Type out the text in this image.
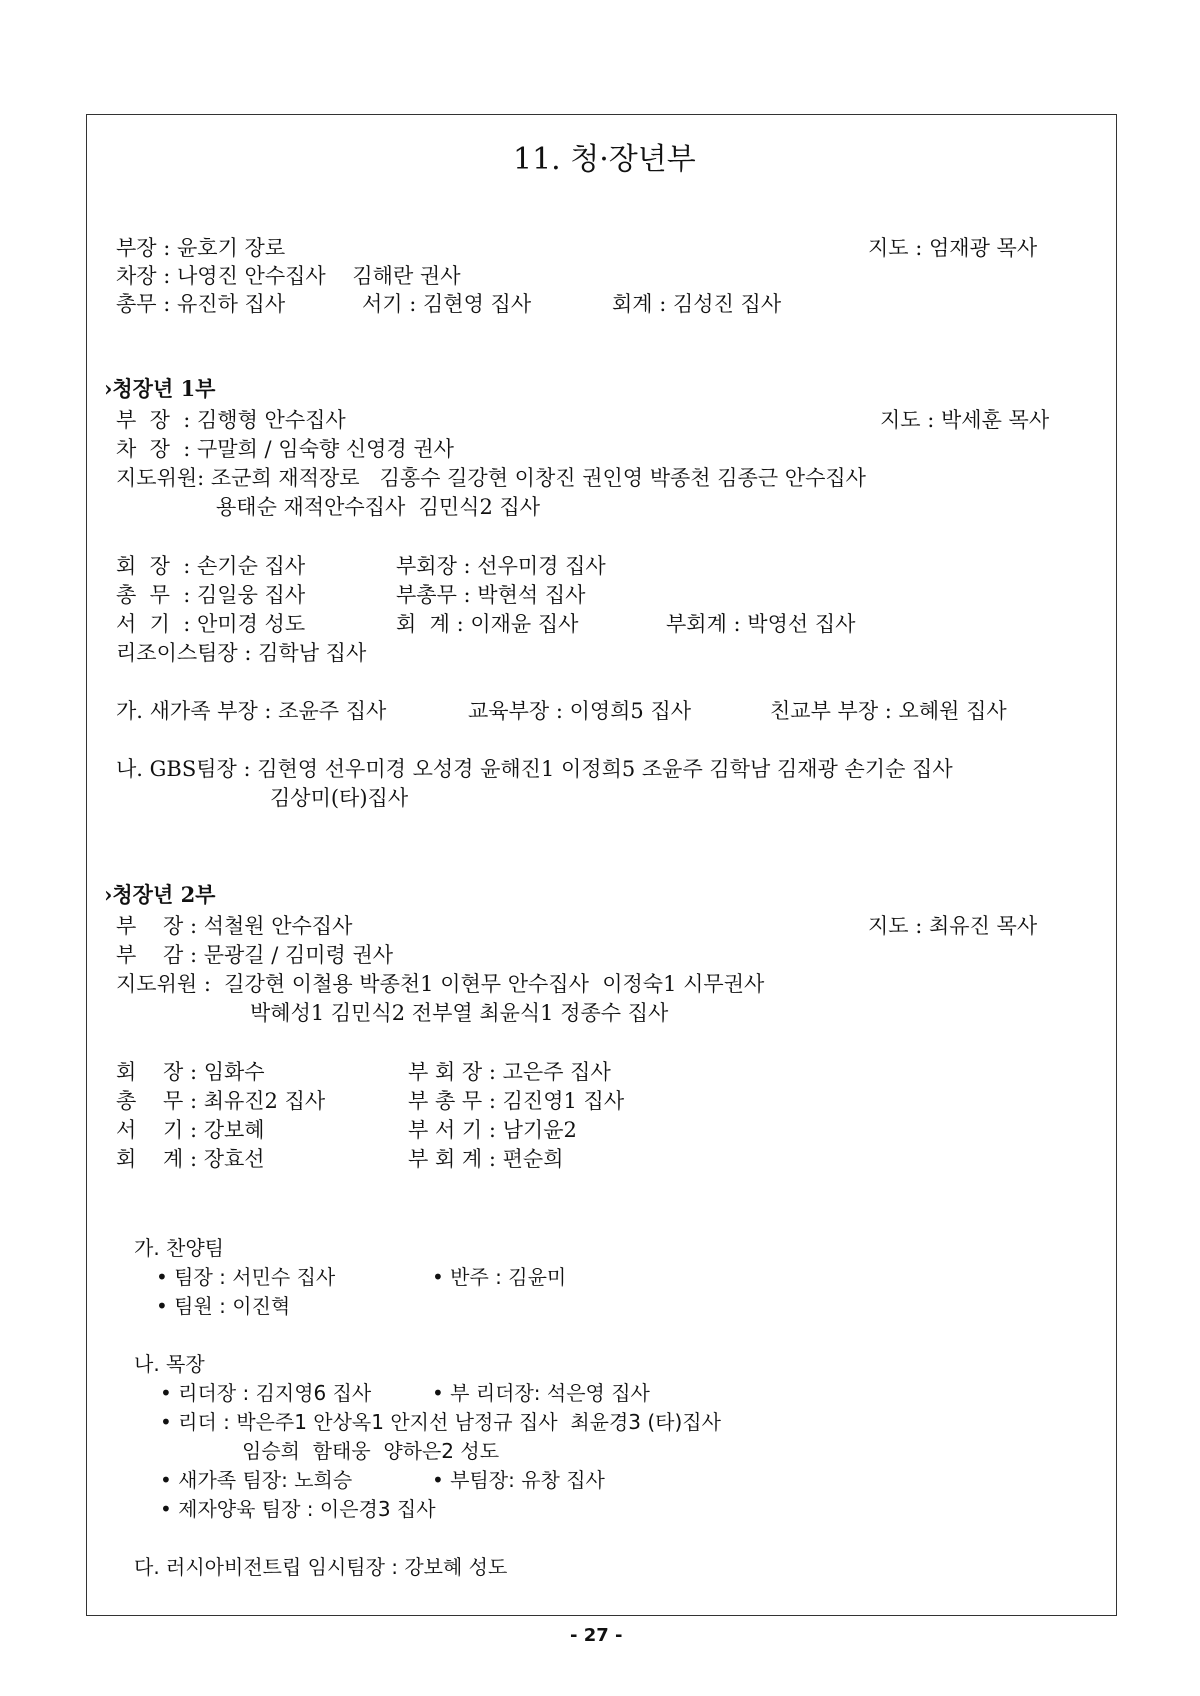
11. 청·장년부
부장 : 윤호기 장로	지도 : 엄재광 목사
차장 : 나영진 안수집사    김해란 권사
총무 : 유진하 집사	서기 : 김현영 집사	회계 : 김성진 집사
›청장년 1부
부  장  : 김행형 안수집사	지도 : 박세훈 목사
차  장  : 구말희 / 임숙향 신영경 권사
지도위원: 조군희 재적장로   김홍수 길강현 이창진 권인영 박종천 김종근 안수집사
용태순 재적안수집사  김민식2 집사
회  장  : 손기순 집사	부회장 : 선우미경 집사
총  무  : 김일웅 집사	부총무 : 박현석 집사
서  기  : 안미경 성도	회  계 : 이재윤 집사	부회계 : 박영선 집사
리조이스팀장 : 김학남 집사
가. 새가족 부장 : 조윤주 집사	교육부장 : 이영희5 집사	친교부 부장 : 오혜원 집사
나. GBS팀장 : 김현영 선우미경 오성경 윤해진1 이정희5 조윤주 김학남 김재광 손기순 집사
김상미(타)집사
›청장년 2부
부    장 : 석철원 안수집사	지도 : 최유진 목사
부    감 : 문광길 / 김미령 권사
지도위원 :  길강현 이철용 박종천1 이현무 안수집사  이정숙1 시무권사
박혜성1 김민식2 전부열 최윤식1 정종수 집사
회    장 : 임화수	부 회 장 : 고은주 집사
총    무 : 최유진2 집사	부 총 무 : 김진영1 집사
서    기 : 강보혜	부 서 기 : 남기윤2
회    계 : 장효선	부 회 계 : 편순희
가. 찬양팀
• 팀장 : 서민수 집사	• 반주 : 김윤미
• 팀원 : 이진혁
나. 목장
• 리더장 : 김지영6 집사	• 부 리더장: 석은영 집사
• 리더 : 박은주1 안상옥1 안지선 남정규 집사  최윤경3 (타)집사
임승희  함태웅  양하은2 성도
• 새가족 팀장: 노희승	• 부팀장: 유창 집사
• 제자양육 팀장 : 이은경3 집사
다. 러시아비전트립 임시팀장 : 강보혜 성도
- 27 -
